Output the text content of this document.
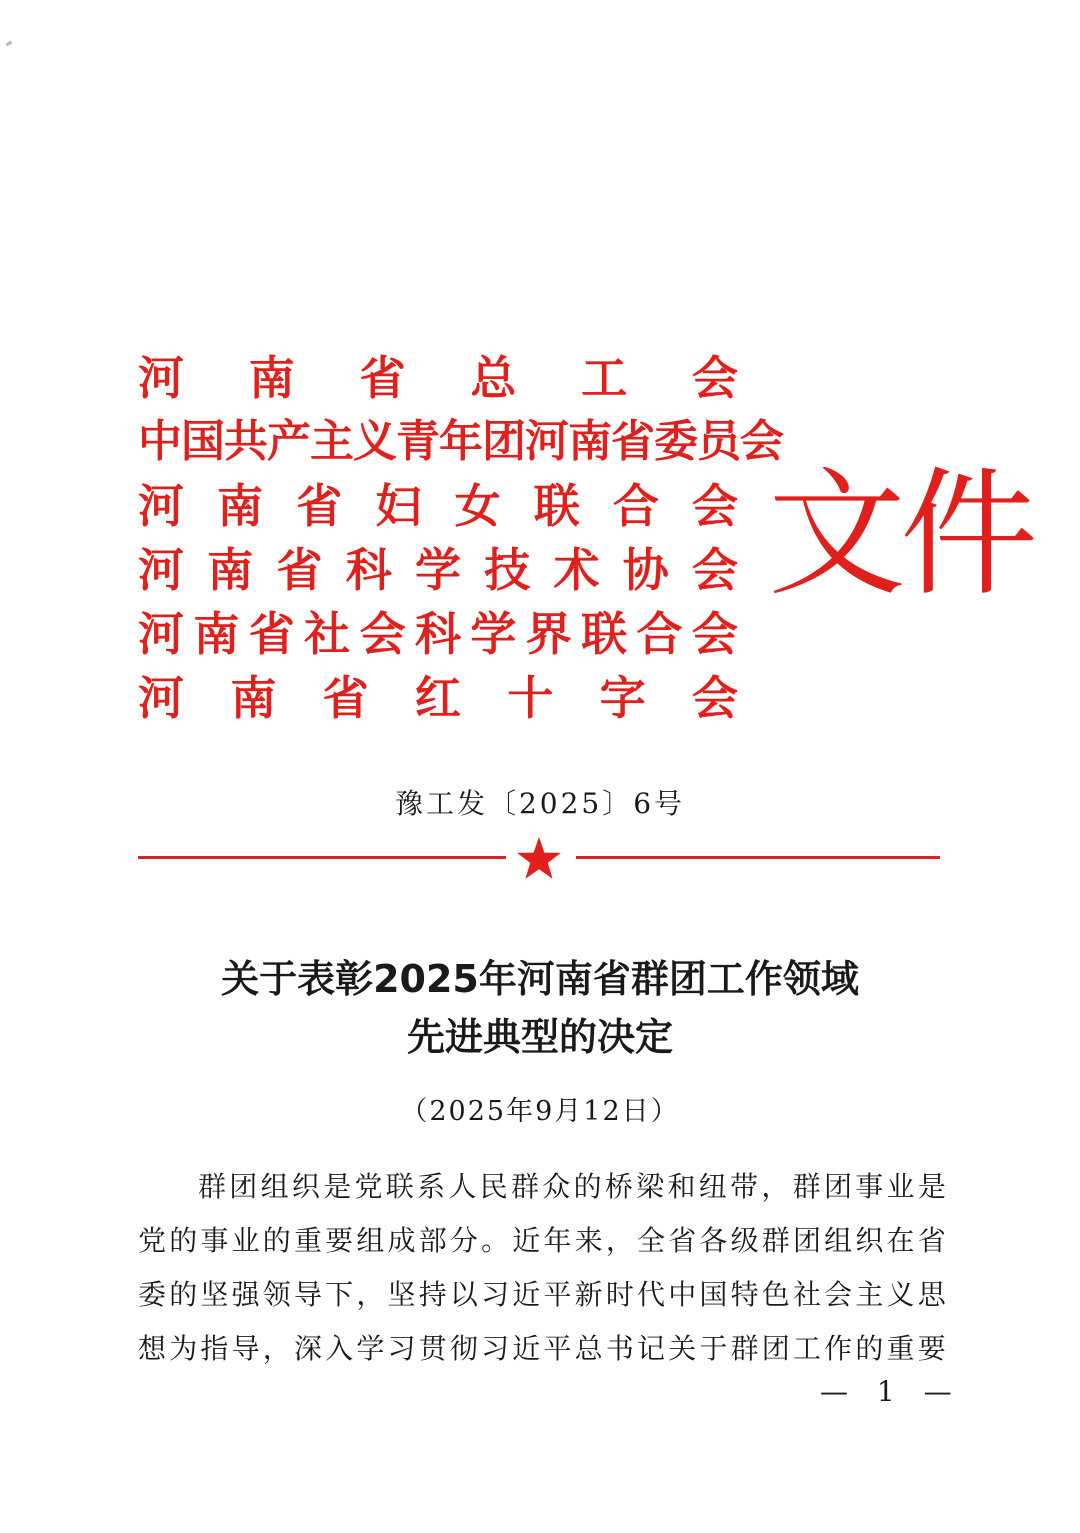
河 南 省 总 工 会
中 国 共 产 主 义 青 年 团 河 南 省 委 员 会
河 南 省 妇 女 联 合 会
河 南 省 科 学 技 术 协 会
河 南 省 社 会 科 学 界 联 合 会
河 南 省 红 十 字 会
文件
豫工发〔2025〕6号
关于表彰2025年河南省群团工作领域
先进典型的决定
（2025年9月12日）
群 团 组 织 是 党 联 系 人 民 群 众 的 桥 梁 和 纽 带 ， 群 团 事 业 是
党 的 事 业 的 重 要 组 成 部 分 。 近 年 来 ， 全 省 各 级 群 团 组 织 在 省
委 的 坚 强 领 导 下 ， 坚 持 以 习 近 平 新 时 代 中 国 特 色 社 会 主 义 思
想 为 指 导 ， 深 入 学 习 贯 彻 习 近 平 总 书 记 关 于 群 团 工 作 的 重 要
— 1 —
